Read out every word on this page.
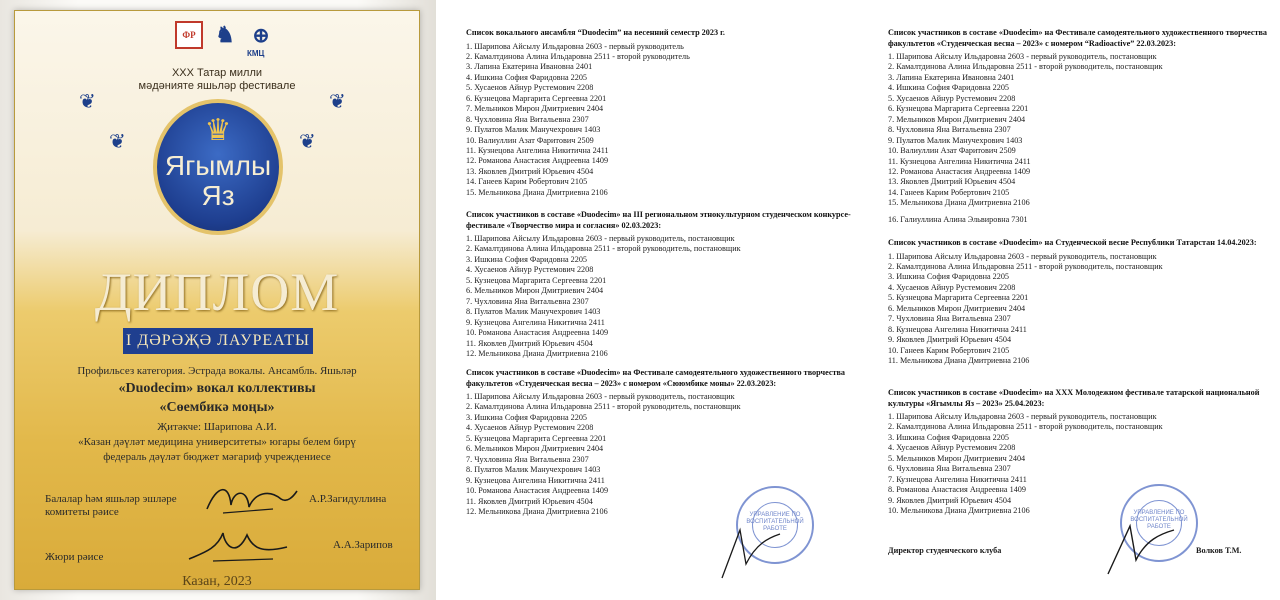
ФР ♞ ⊕
КМЦ
XXX Татар милли
мәдәнияте яшьләр фестивале
❦
❦
❦
❦
♛
Ягымлы
Яз
ДИПЛОМ
I ДӘРӘҖӘ ЛАУРЕАТЫ
Профильсез категория. Эстрада вокалы. Ансамбль. Яшьләр
«Duodecim» вокал коллективы
«Сөембикә моңы»
Җитәкче: Шарипова А.И.
«Казан дәүләт медицина университеты» югары белем бирү
федераль дәүләт бюджет мәгариф учреждениесе
Балалар һәм яшьләр эшләре комитеты рәисе
А.Р.Загидуллина
Жюри рәисе
А.А.Зарипов
Казан, 2023
Список вокального ансамбля “Duodecim” на весенний семестр 2023 г.
1. Шарипова Айсылу Ильдаровна 2603 - первый руководитель
2. Камалтдинова Алина Ильдаровна 2511 - второй руководитель
3. Лапина Екатерина Ивановна 2401
4. Ишкина София Фаридовна 2205
5. Хусаенов Айнур Рустемович 2208
6. Кузнецова Маргарита Сергеевна 2201
7. Мельников Мирон Дмитриевич 2404
8. Чухловина Яна Витальевна 2307
9. Пулатов Малик Манучехрович 1403
10. Валиуллин Азат Фаритович 2509
11. Кузнецова Ангелина Никитична 2411
12. Романова Анастасия Андреевна 1409
13. Яковлев Дмитрий Юрьевич 4504
14. Ганеев Карим Робертович 2105
15. Мельникова Диана Дмитриевна 2106
Список участников в составе «Duodecim» на III региональном этнокультурном студенческом конкурсе-фестивале «Творчество мира и согласия» 02.03.2023:
1. Шарипова Айсылу Ильдаровна 2603 - первый руководитель, постановщик
2. Камалтдинова Алина Ильдаровна 2511 - второй руководитель, постановщик
3. Ишкина София Фаридовна 2205
4. Хусаенов Айнур Рустемович 2208
5. Кузнецова Маргарита Сергеевна 2201
6. Мельников Мирон Дмитриевич 2404
7. Чухловина Яна Витальевна 2307
8. Пулатов Малик Манучехрович 1403
9. Кузнецова Ангелина Никитична 2411
10. Романова Анастасия Андреевна 1409
11. Яковлев Дмитрий Юрьевич 4504
12. Мельникова Диана Дмитриевна 2106
Список участников в составе «Duodecim» на Фестивале самодеятельного художественного творчества факультетов «Студенческая весна – 2023» с номером «Сююмбике моны» 22.03.2023:
1. Шарипова Айсылу Ильдаровна 2603 - первый руководитель, постановщик
2. Камалтдинова Алина Ильдаровна 2511 - второй руководитель, постановщик
3. Ишкина София Фаридовна 2205
4. Хусаенов Айнур Рустемович 2208
5. Кузнецова Маргарита Сергеевна 2201
6. Мельников Мирон Дмитриевич 2404
7. Чухловина Яна Витальевна 2307
8. Пулатов Малик Манучехрович 1403
9. Кузнецова Ангелина Никитична 2411
10. Романова Анастасия Андреевна 1409
11. Яковлев Дмитрий Юрьевич 4504
12. Мельникова Диана Дмитриевна 2106	УПРАВЛЕНИЕ ПО ВОСПИТАТЕЛЬНОЙ РАБОТЕ
Список участников в составе «Duodecim» на Фестивале самодеятельного художественного творчества факультетов «Студенческая весна – 2023» с номером “Radioactive” 22.03.2023:
1. Шарипова Айсылу Ильдаровна 2603 - первый руководитель, постановщик
2. Камалтдинова Алина Ильдаровна 2511 - второй руководитель, постановщик
3. Лапина Екатерина Ивановна 2401
4. Ишкина София Фаридовна 2205
5. Хусаенов Айнур Рустемович 2208
6. Кузнецова Маргарита Сергеевна 2201
7. Мельников Мирон Дмитриевич 2404
8. Чухловина Яна Витальевна 2307
9. Пулатов Малик Манучехрович 1403
10. Валиуллин Азат Фаритович 2509
11. Кузнецова Ангелина Никитична 2411
12. Романова Анастасия Андреевна 1409
13. Яковлев Дмитрий Юрьевич 4504
14. Ганеев Карим Робертович 2105
15. Мельникова Диана Дмитриевна 2106
16. Галиуллина Алина Эльвировна 7301
Список участников в составе «Duodecim» на Студенческой весне Республики Татарстан 14.04.2023:
1. Шарипова Айсылу Ильдаровна 2603 - первый руководитель, постановщик
2. Камалтдинова Алина Ильдаровна 2511 - второй руководитель, постановщик
3. Ишкина София Фаридовна 2205
4. Хусаенов Айнур Рустемович 2208
5. Кузнецова Маргарита Сергеевна 2201
6. Мельников Мирон Дмитриевич 2404
7. Чухловина Яна Витальевна 2307
8. Кузнецова Ангелина Никитична 2411
9. Яковлев Дмитрий Юрьевич 4504
10. Ганеев Карим Робертович 2105
11. Мельникова Диана Дмитриевна 2106
Список участников в составе «Duodecim» на XXX Молодежном фестивале татарской национальной культуры «Ягымлы Яз – 2023» 25.04.2023:
1. Шарипова Айсылу Ильдаровна 2603 - первый руководитель, постановщик
2. Камалтдинова Алина Ильдаровна 2511 - второй руководитель, постановщик
3. Ишкина София Фаридовна 2205
4. Хусаенов Айнур Рустемович 2208
5. Мельников Мирон Дмитриевич 2404
6. Чухловина Яна Витальевна 2307
7. Кузнецова Ангелина Никитична 2411
8. Романова Анастасия Андреевна 1409
9. Яковлев Дмитрий Юрьевич 4504
10. Мельникова Диана Дмитриевна 2106	УПРАВЛЕНИЕ ПО ВОСПИТАТЕЛЬНОЙ РАБОТЕ
Директор студенческого клуба	Волков Т.М.
